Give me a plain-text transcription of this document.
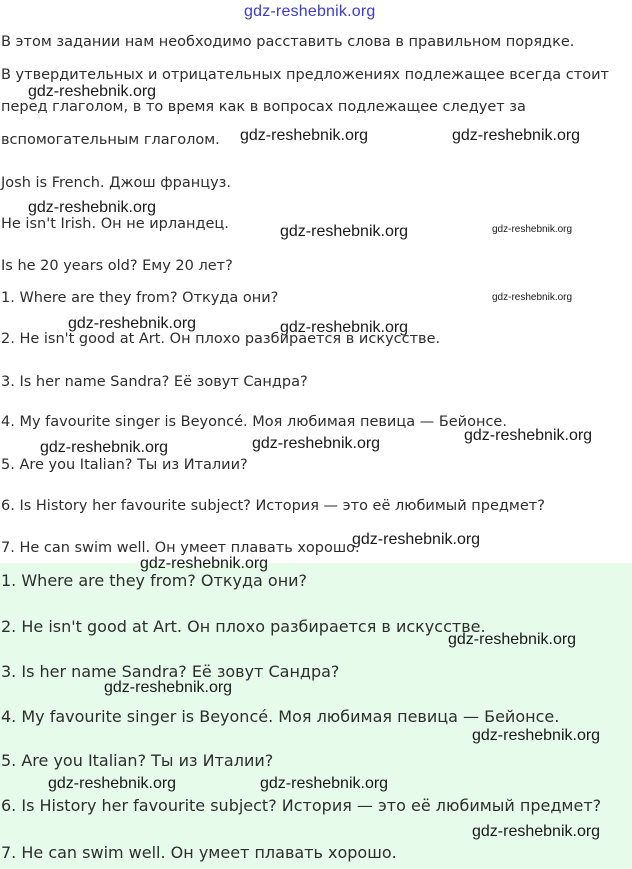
gdz-reshebnik.org
В этом задании нам необходимо расставить слова в правильном порядке.
В утвердительных и отрицательных предложениях подлежащее всегда стоит
перед глаголом, в то время как в вопросах подлежащее следует за
вспомогательным глаголом.
Josh is French. Джош француз.
He isn't Irish. Он не ирландец.
Is he 20 years old? Ему 20 лет?
1. Where are they from? Откуда они?
2. He isn't good at Art. Он плохо разбирается в искусстве.
3. Is her name Sandra? Её зовут Сандра?
4. My favourite singer is Beyoncé. Моя любимая певица — Бейонсе.
5. Are you Italian? Ты из Италии?
6. Is History her favourite subject? История — это её любимый предмет?
7. He can swim well. Он умеет плавать хорошо.
1. Where are they from? Откуда они?
2. He isn't good at Art. Он плохо разбирается в искусстве.
3. Is her name Sandra? Её зовут Сандра?
4. My favourite singer is Beyoncé. Моя любимая певица — Бейонсе.
5. Are you Italian? Ты из Италии?
6. Is History her favourite subject? История — это её любимый предмет?
7. He can swim well. Он умеет плавать хорошо.
gdz-reshebnik.org
gdz-reshebnik.org	gdz-reshebnik.org
gdz-reshebnik.org
gdz-reshebnik.org	gdz-reshebnik.org
gdz-reshebnik.org
gdz-reshebnik.org	gdz-reshebnik.org
gdz-reshebnik.org
gdz-reshebnik.org	gdz-reshebnik.org
gdz-reshebnik.org
gdz-reshebnik.org
gdz-reshebnik.org
gdz-reshebnik.org
gdz-reshebnik.org
gdz-reshebnik.org	gdz-reshebnik.org
gdz-reshebnik.org
